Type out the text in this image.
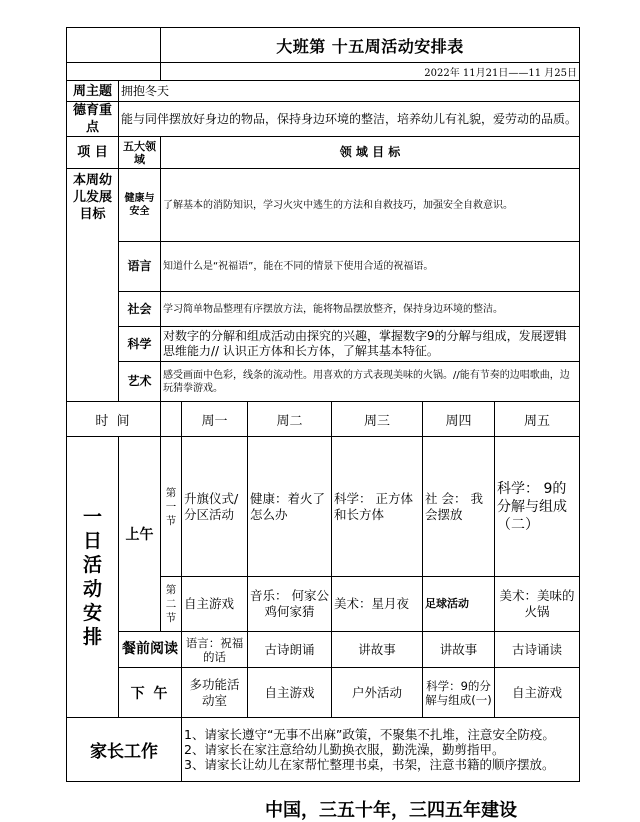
		大班第 十五周活动安排表					
		2022年 11月21日——11 月25日					
周主题	拥抱冬天						
德育重点	能与同伴摆放好身边的物品，保持身边环境的整洁，培养幼儿有礼貌，爱劳动的品质。						
项 目	五大领域	领 域 目 标					
本周幼儿发展目标	健康与安全	了解基本的消防知识，学习火灾中逃生的方法和自救技巧，加强安全自救意识。					
	语言	知道什么是“祝福语”，能在不同的情景下使用合适的祝福语。					
	社会	学习简单物品整理有序摆放方法，能将物品摆放整齐，保持身边环境的整洁。					
	科学	对数字的分解和组成活动由探究的兴趣，掌握数字9的分解与组成，发展逻辑思维能力// 认识正方体和长方体，了解其基本特征。					
	艺术	感受画面中色彩，线条的流动性。用喜欢的方式表现美味的火锅。//能有节奏的边唱歌曲，边玩猜拳游戏。					
时 间			周一	周二	周三	周四	周五
一日活动安排	上午	第一节	升旗仪式/分区活动	健康：着火了怎么办	科学： 正方体和长方体	社 会： 我会摆放	科学： 9的分解与组成（二）
		第二节	自主游戏	音乐： 何家公鸡何家猜	美术：星月夜	足球活动	美术：美味的火锅
	餐前阅读		语言：祝福的话	古诗朗诵	讲故事	讲故事	古诗诵读
	下 午		多功能活动室	自主游戏	户外活动	科学：9的分解与组成(一)	自主游戏
家长工作			1、请家长遵守“无事不出麻”政策，不聚集不扎堆，注意安全防疫。
2、请家长在家注意给幼儿勤换衣服，勤洗澡，勤剪指甲。
3、请家长让幼儿在家帮忙整理书桌，书架，注意书籍的顺序摆放。				
中国，三五十年，三四五年建设
